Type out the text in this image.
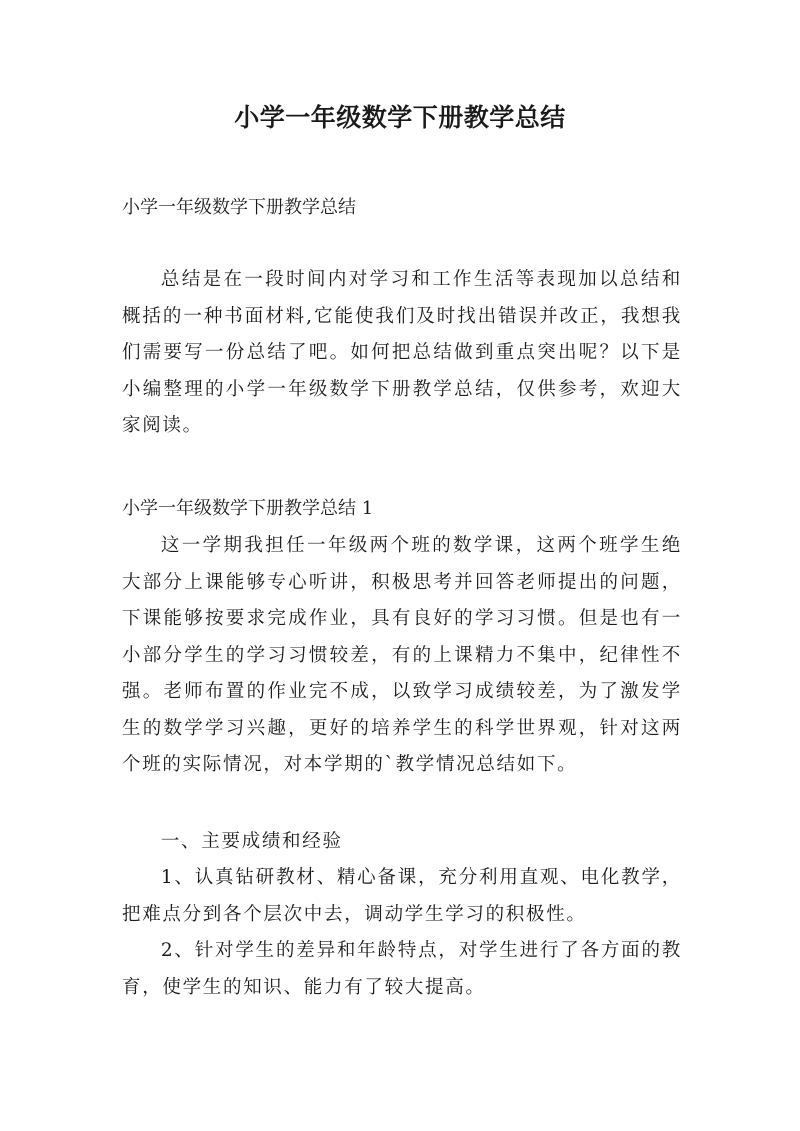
小学一年级数学下册教学总结

小学一年级数学下册教学总结

总结是在一段时间内对学习和工作生活等表现加以总结和概括的一种书面材料,它能使我们及时找出错误并改正，我想我们需要写一份总结了吧。如何把总结做到重点突出呢？以下是小编整理的小学一年级数学下册教学总结，仅供参考，欢迎大家阅读。

小学一年级数学下册教学总结 1

这一学期我担任一年级两个班的数学课，这两个班学生绝大部分上课能够专心听讲，积极思考并回答老师提出的问题，下课能够按要求完成作业，具有良好的学习习惯。但是也有一小部分学生的学习习惯较差，有的上课精力不集中，纪律性不强。老师布置的作业完不成，以致学习成绩较差，为了激发学生的数学学习兴趣，更好的培养学生的科学世界观，针对这两个班的实际情况，对本学期的`教学情况总结如下。

一、主要成绩和经验

1、认真钻研教材、精心备课，充分利用直观、电化教学，把难点分到各个层次中去，调动学生学习的积极性。

2、针对学生的差异和年龄特点，对学生进行了各方面的教育，使学生的知识、能力有了较大提高。
